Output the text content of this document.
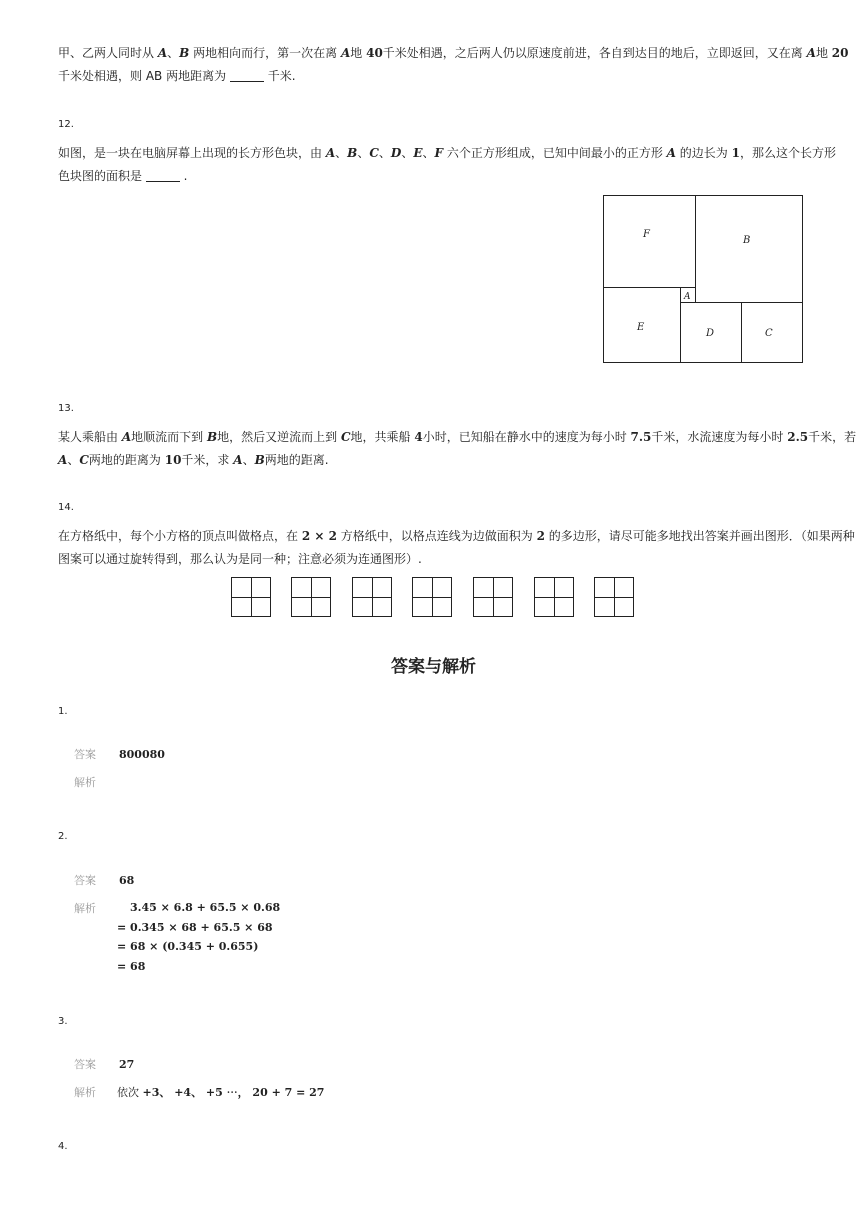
甲、乙两人同时从 A、B 两地相向而行，第一次在离 A地 40千米处相遇，之后两人仍以原速度前进，各自到达目的地后，立即返回，又在离 A地 20
千米处相遇，则 AB 两地距离为	千米.
12.
如图，是一块在电脑屏幕上出现的长方形色块，由 A、B、C、D、E、F 六个正方形组成，已知中间最小的正方形 A 的边长为 1，那么这个长方形
色块图的面积是	.
F
B
A
E
D	C
13.
某人乘船由 A地顺流而下到 B地，然后又逆流而上到 C地，共乘船 4小时，已知船在静水中的速度为每小时 7.5千米，水流速度为每小时 2.5千米，若
A、C两地的距离为 10千米，求 A、B两地的距离.
14.
在方格纸中，每个小方格的顶点叫做格点，在 2 × 2 方格纸中，以格点连线为边做面积为 2 的多边形，请尽可能多地找出答案并画出图形．（如果两种
图案可以通过旋转得到，那么认为是同一种；注意必须为连通图形）.
答案与解析
1.
答案 800080
解析
2.
答案 68
解析	3.45 × 6.8 + 65.5 × 0.68
= 0.345 × 68 + 65.5 × 68
= 68 × (0.345 + 0.655)
= 68
3.
答案 27
解析 依次 +3、 +4、 +5 ⋯， 20 + 7 = 27
4.
